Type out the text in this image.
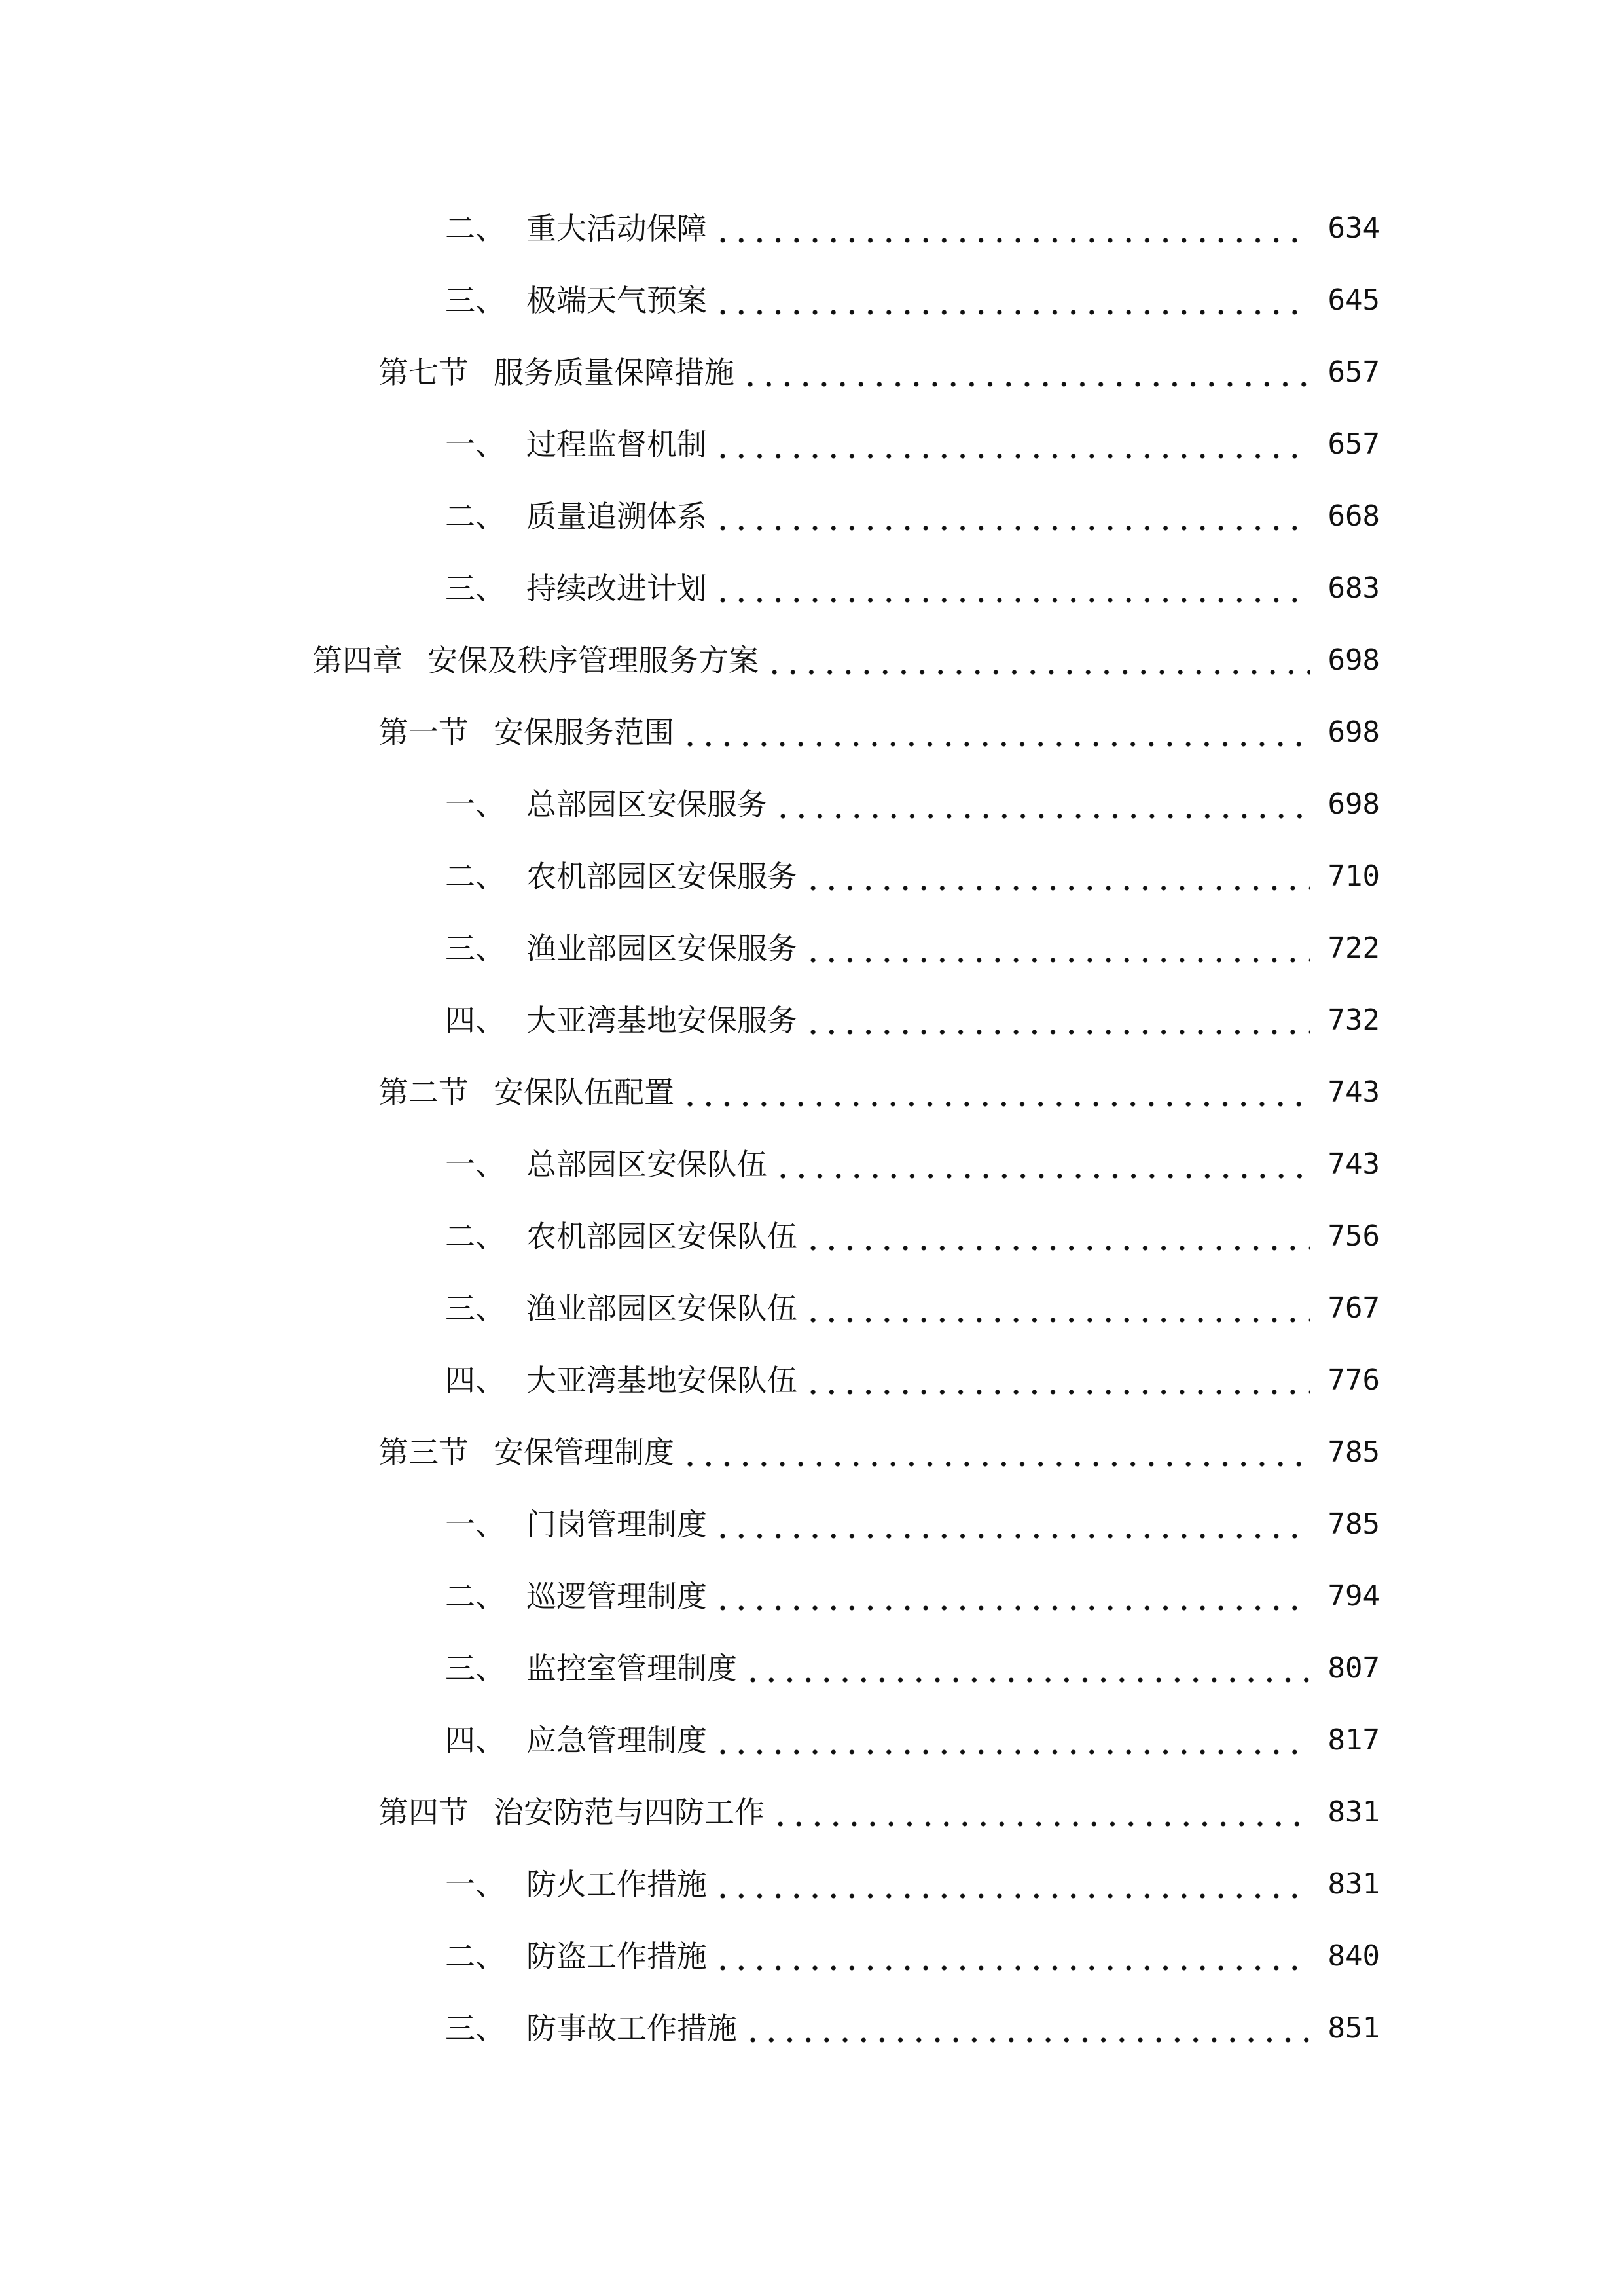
二、 重大活动保障	634
三、 极端天气预案	645
第七节 服务质量保障措施	657
一、 过程监督机制	657
二、 质量追溯体系	668
三、 持续改进计划	683
第四章 安保及秩序管理服务方案	698
第一节 安保服务范围	698
一、 总部园区安保服务	698
二、 农机部园区安保服务	710
三、 渔业部园区安保服务	722
四、 大亚湾基地安保服务	732
第二节 安保队伍配置	743
一、 总部园区安保队伍	743
二、 农机部园区安保队伍	756
三、 渔业部园区安保队伍	767
四、 大亚湾基地安保队伍	776
第三节 安保管理制度	785
一、 门岗管理制度	785
二、 巡逻管理制度	794
三、 监控室管理制度	807
四、 应急管理制度	817
第四节 治安防范与四防工作	831
一、 防火工作措施	831
二、 防盗工作措施	840
三、 防事故工作措施	851
